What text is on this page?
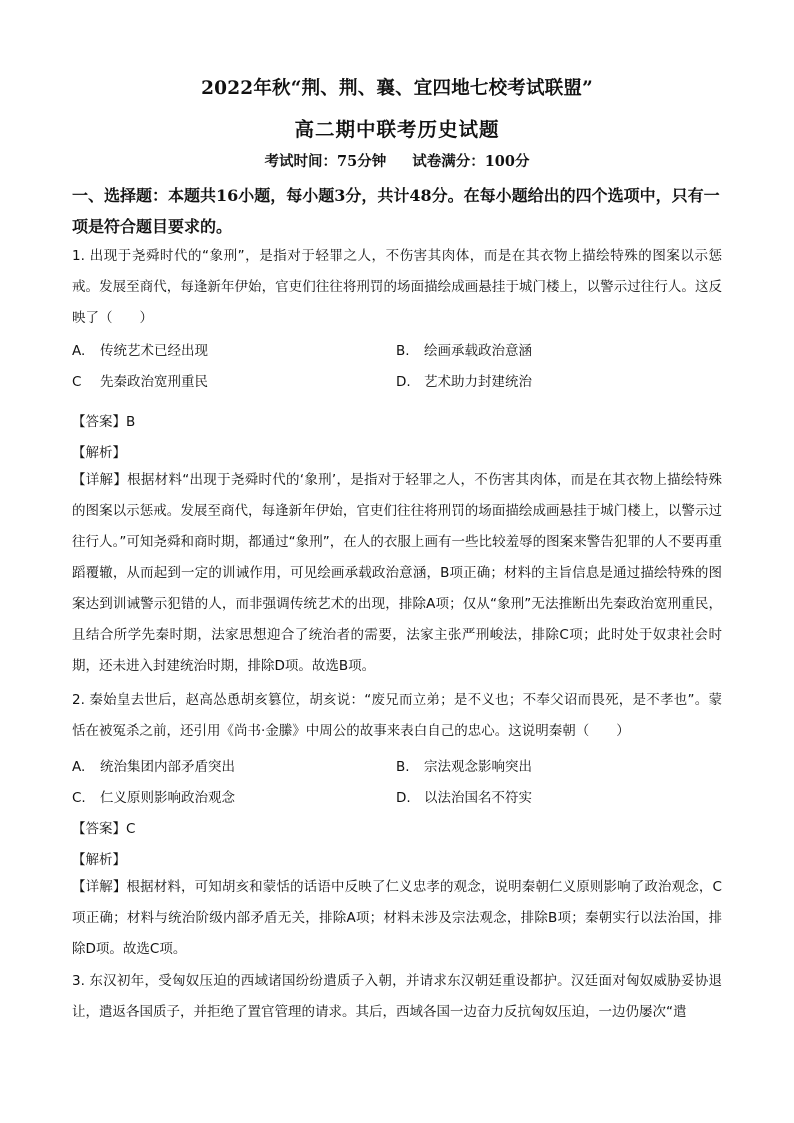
2022年秋“荆、荆、襄、宜四地七校考试联盟”
高二期中联考历史试题
考试时间：75分钟 试卷满分：100分
一、选择题：本题共16小题，每小题3分，共计48分。在每小题给出的四个选项中，只有一项是符合题目要求的。
1. 出现于尧舜时代的“象刑”，是指对于轻罪之人，不伤害其肉体，而是在其衣物上描绘特殊的图案以示惩戒。发展至商代，每逢新年伊始，官吏们往往将刑罚的场面描绘成画悬挂于城门楼上，以警示过往行人。这反映了（　　）
A. 传统艺术已经出现	B. 绘画承载政治意涵
C 先秦政治宽刑重民	D. 艺术助力封建统治
【答案】B
【解析】
【详解】根据材料“出现于尧舜时代的‘象刑’，是指对于轻罪之人，不伤害其肉体，而是在其衣物上描绘特殊的图案以示惩戒。发展至商代，每逢新年伊始，官吏们往往将刑罚的场面描绘成画悬挂于城门楼上，以警示过往行人。”可知尧舜和商时期，都通过“象刑”，在人的衣服上画有一些比较羞辱的图案来警告犯罪的人不要再重蹈覆辙，从而起到一定的训诫作用，可见绘画承载政治意涵，B项正确；材料的主旨信息是通过描绘特殊的图案达到训诫警示犯错的人，而非强调传统艺术的出现，排除A项；仅从“象刑”无法推断出先秦政治宽刑重民，且结合所学先秦时期，法家思想迎合了统治者的需要，法家主张严刑峻法，排除C项；此时处于奴隶社会时期，还未进入封建统治时期，排除D项。故选B项。
2. 秦始皇去世后，赵高怂恿胡亥篡位，胡亥说：“废兄而立弟；是不义也；不奉父诏而畏死，是不孝也”。蒙恬在被冤杀之前，还引用《尚书·金縢》中周公的故事来表白自己的忠心。这说明秦朝（　　）
A. 统治集团内部矛盾突出	B. 宗法观念影响突出
C. 仁义原则影响政治观念	D. 以法治国名不符实
【答案】C
【解析】
【详解】根据材料，可知胡亥和蒙恬的话语中反映了仁义忠孝的观念，说明秦朝仁义原则影响了政治观念，C项正确；材料与统治阶级内部矛盾无关，排除A项；材料未涉及宗法观念，排除B项；秦朝实行以法治国，排除D项。故选C项。
3. 东汉初年，受匈奴压迫的西域诸国纷纷遣质子入朝，并请求东汉朝廷重设都护。汉廷面对匈奴威胁妥协退让，遣返各国质子，并拒绝了置官管理的请求。其后，西域各国一边奋力反抗匈奴压迫，一边仍屡次“遣
